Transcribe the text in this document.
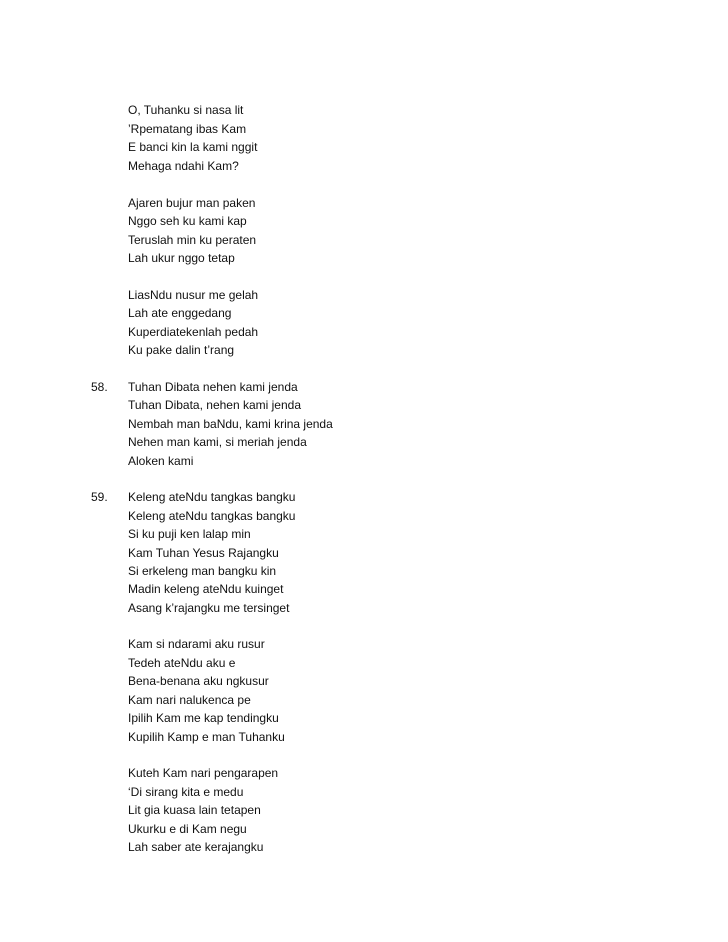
O, Tuhanku si nasa lit
’Rpematang ibas Kam
E banci kin la kami nggit
Mehaga ndahi Kam?
Ajaren bujur man paken
Nggo seh ku kami kap
Teruslah min ku peraten
Lah ukur nggo tetap
LiasNdu nusur me gelah
Lah ate enggedang
Kuperdiatekenlah pedah
Ku pake dalin t’rang
58. Tuhan Dibata nehen kami jenda
Tuhan Dibata, nehen kami jenda
Nembah man baNdu, kami krina jenda
Nehen man kami, si meriah jenda
Aloken kami
59. Keleng ateNdu tangkas bangku
Keleng ateNdu tangkas bangku
Si ku puji ken lalap min
Kam Tuhan Yesus Rajangku
Si erkeleng man bangku kin
Madin keleng ateNdu kuinget
Asang k’rajangku me tersinget
Kam si ndarami aku rusur
Tedeh ateNdu aku e
Bena-benana aku ngkusur
Kam nari nalukenca pe
Ipilih Kam me kap tendingku
Kupilih Kamp e man Tuhanku
Kuteh Kam nari pengarapen
‘Di sirang kita e medu
Lit gia kuasa lain tetapen
Ukurku e di Kam negu
Lah saber ate kerajangku
